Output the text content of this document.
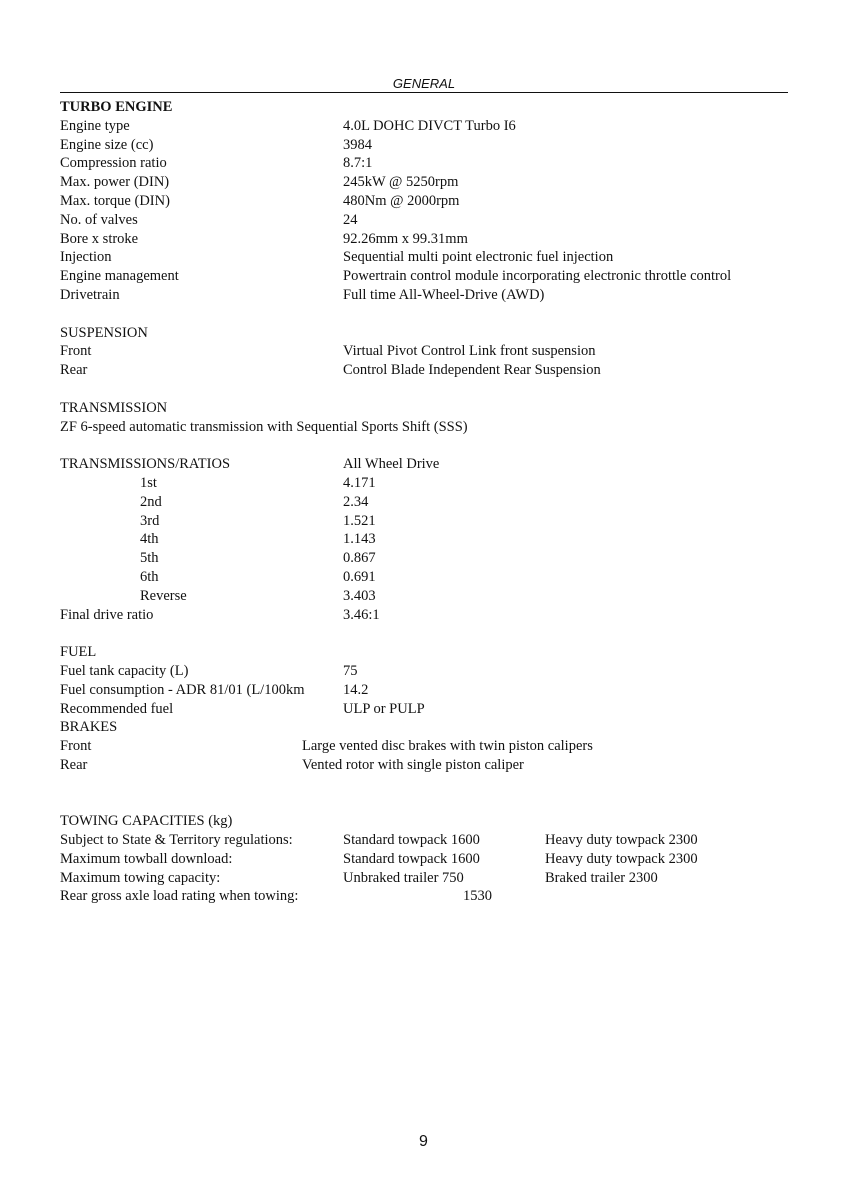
GENERAL
TURBO ENGINE
Engine type	4.0L DOHC DIVCT Turbo I6
Engine size (cc)	3984
Compression ratio	8.7:1
Max. power (DIN)	245kW @ 5250rpm
Max. torque (DIN)	480Nm @ 2000rpm
No. of valves	24
Bore x stroke	92.26mm x 99.31mm
Injection	Sequential multi point electronic fuel injection
Engine management	Powertrain control module incorporating electronic throttle control
Drivetrain	Full time All-Wheel-Drive (AWD)
SUSPENSION
Front	Virtual Pivot Control Link front suspension
Rear	Control Blade Independent Rear Suspension
TRANSMISSION
ZF 6-speed automatic transmission with Sequential Sports Shift (SSS)
TRANSMISSIONS/RATIOS	All Wheel Drive
1st	4.171
2nd	2.34
3rd	1.521
4th	1.143
5th	0.867
6th	0.691
Reverse	3.403
Final drive ratio	3.46:1
FUEL
Fuel tank capacity (L)	75
Fuel consumption - ADR 81/01 (L/100km	14.2
Recommended fuel	ULP or PULP
BRAKES
Front	Large vented disc brakes with twin piston calipers
Rear	Vented rotor with single piston caliper
TOWING CAPACITIES (kg)
Subject to State & Territory regulations:	Standard towpack 1600	Heavy duty towpack 2300
Maximum towball download:	Standard towpack 1600	Heavy duty towpack 2300
Maximum towing capacity:	Unbraked trailer 750	Braked trailer 2300
Rear gross axle load rating when towing:	1530
9
